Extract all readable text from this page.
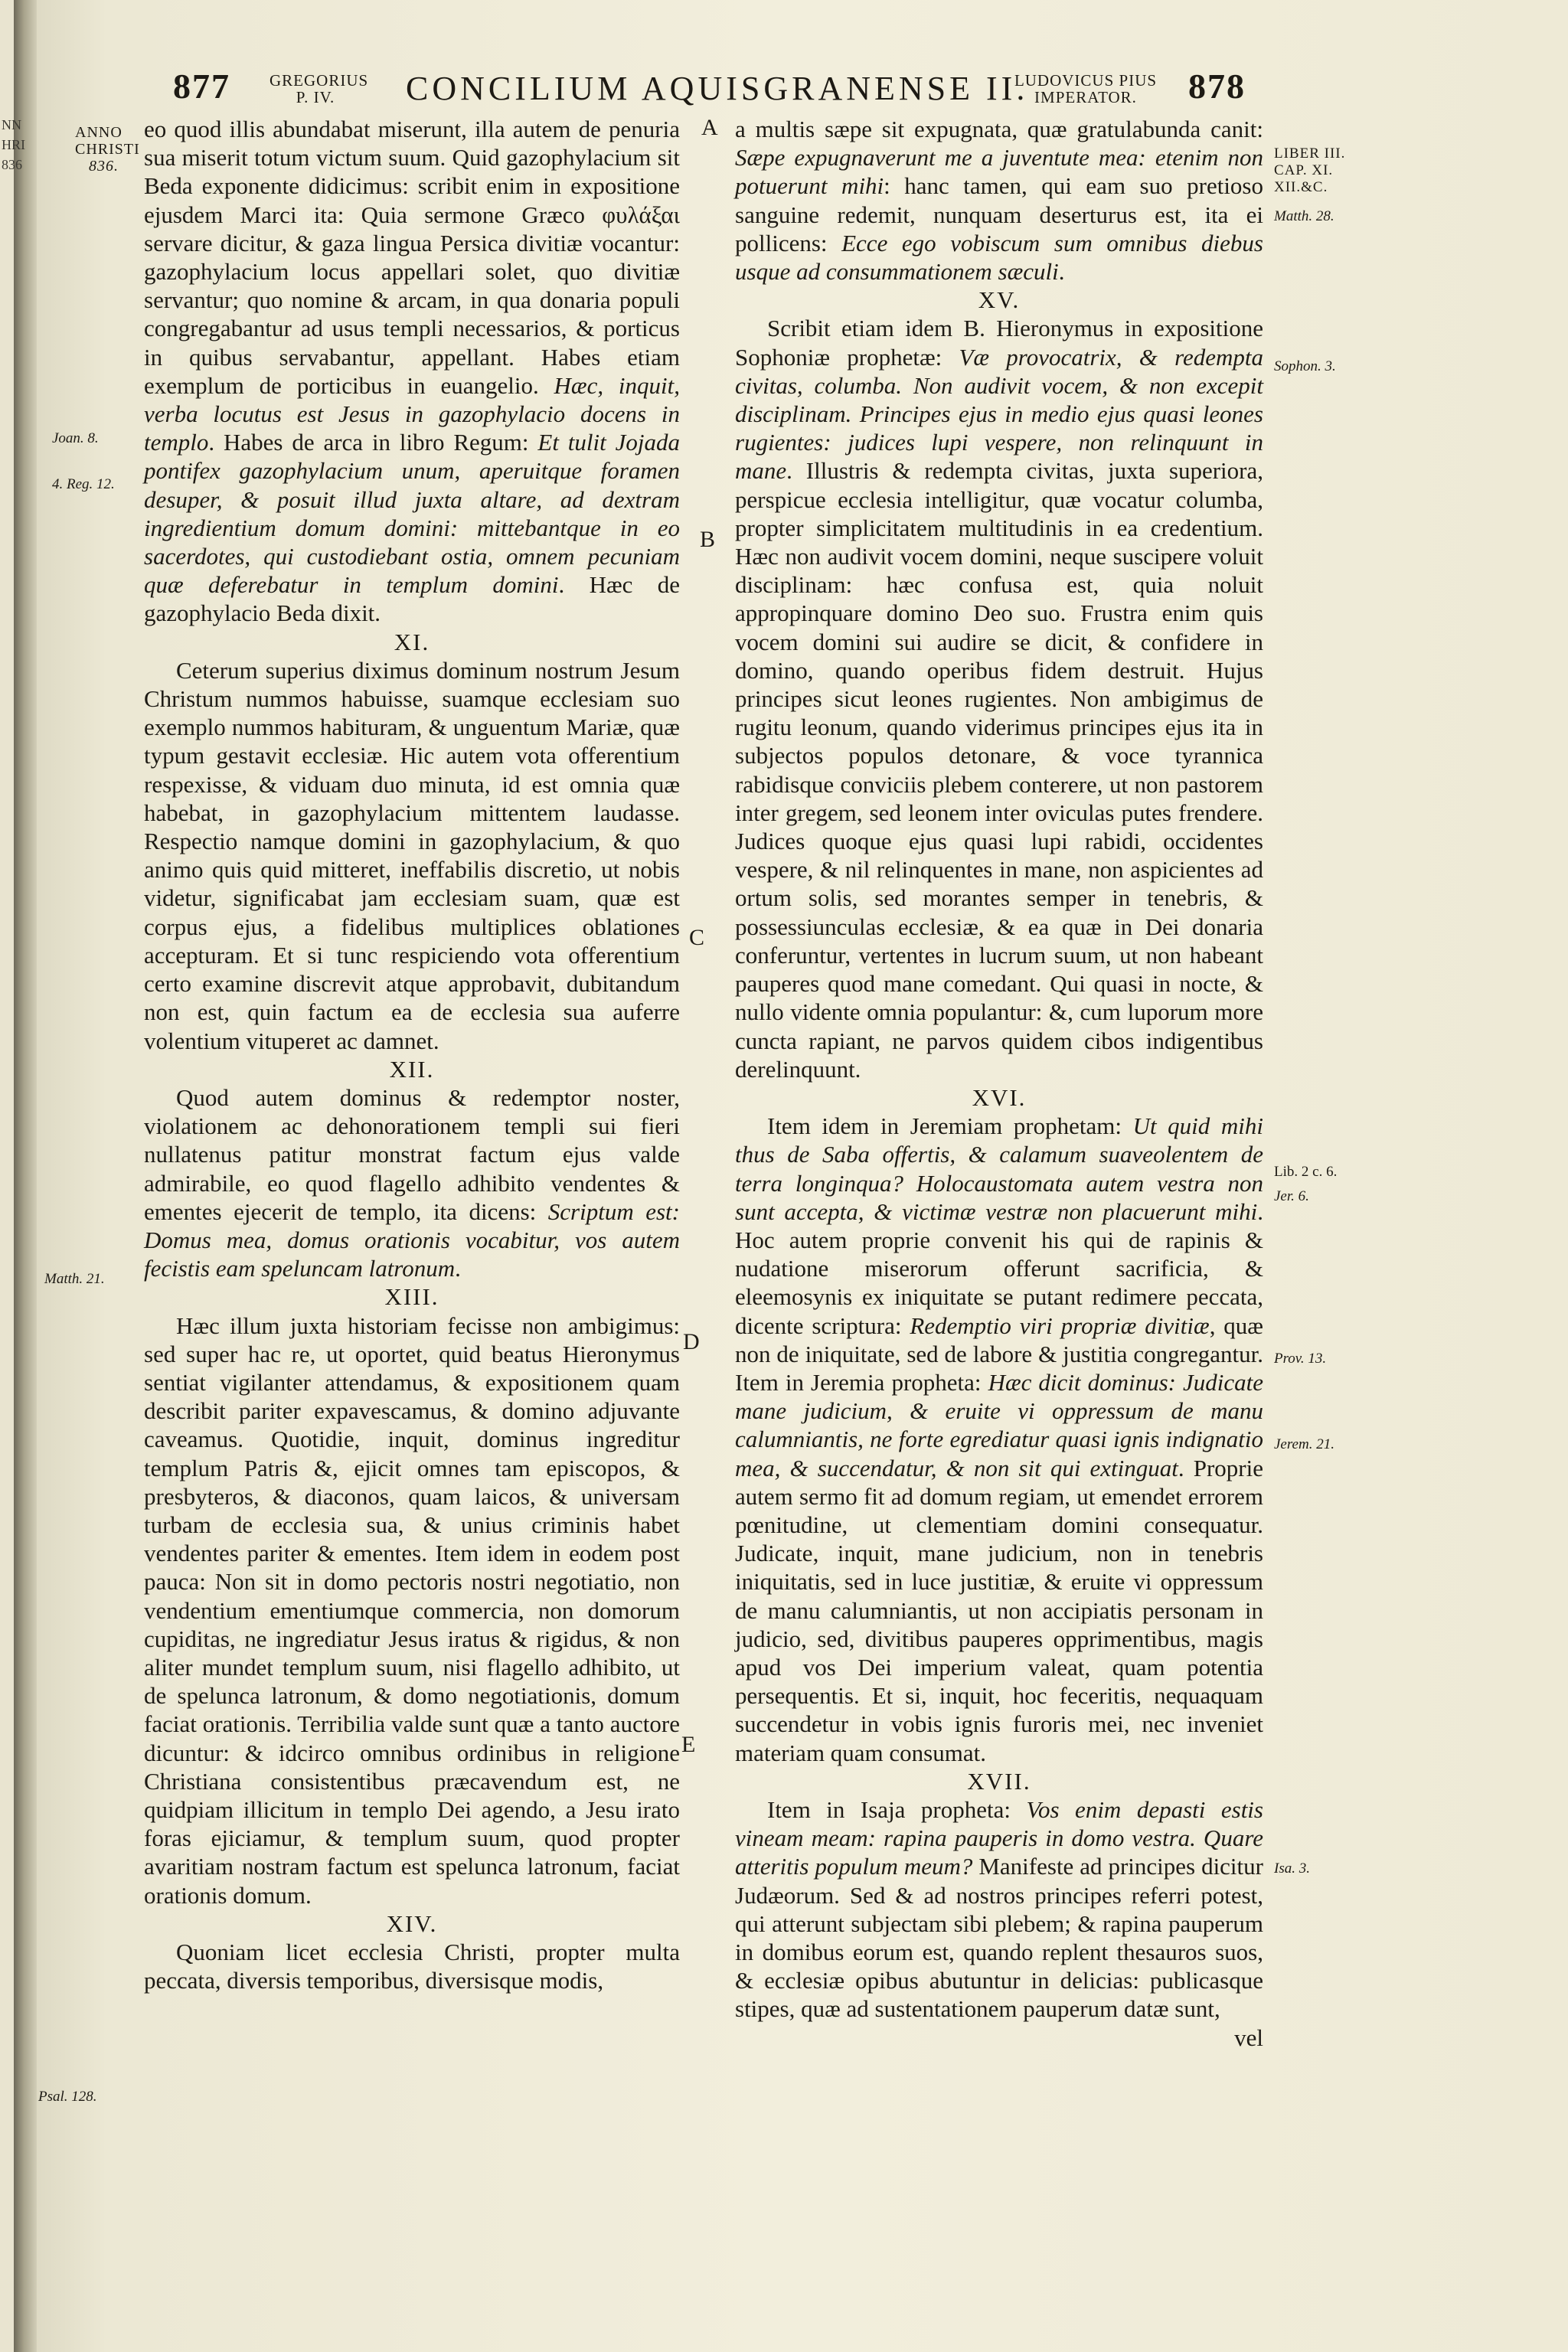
NN HRI 836
877 GREGORIUS
P. IV.	CONCILIUM AQUISGRANENSE II.
LUDOVICUS PIUS
IMPERATOR.	878
ANNO
CHRISTI
836.
Joan. 8.
4. Reg. 12.
Matth. 21.
Psal. 128.
LIBER III.
CAP. XI.
XII.&C.
Matth. 28.
Sophon. 3.
Lib. 2 c. 6.
Jer. 6.
Prov. 13.
Jerem. 21.
Isa. 3.
A
B
C
D
E

eo quod illis abundabat miserunt, illa autem de penuria sua miserit totum victum suum. Quid gazophylacium sit Beda exponente didicimus: scribit enim in expositione ejusdem Marci ita: Quia sermone Græco φυλάξαι servare dicitur, & gaza lingua Persica divitiæ vocantur: gazophylacium locus appellari solet, quo divitiæ servantur; quo nomine & arcam, in qua donaria populi congregabantur ad usus templi necessarios, & porticus in quibus servabantur, appellant. Habes etiam exemplum de porticibus in euangelio. Hæc, inquit, verba locutus est Jesus in gazophylacio docens in templo. Habes de arca in libro Regum: Et tulit Jojada pontifex gazophylacium unum, aperuitque foramen desuper, & posuit illud juxta altare, ad dextram ingredientium domum domini: mittebantque in eo sacerdotes, qui custodiebant ostia, omnem pecuniam quæ deferebatur in templum domini. Hæc de gazophylacio Beda dixit.

XI.

Ceterum superius diximus dominum nostrum Jesum Christum nummos habuisse, suamque ecclesiam suo exemplo nummos habituram, & unguentum Mariæ, quæ typum gestavit ecclesiæ. Hic autem vota offerentium respexisse, & viduam duo minuta, id est omnia quæ habebat, in gazophylacium mittentem laudasse. Respectio namque domini in gazophylacium, & quo animo quis quid mitteret, ineffabilis discretio, ut nobis videtur, significabat jam ecclesiam suam, quæ est corpus ejus, a fidelibus multiplices oblationes accepturam. Et si tunc respiciendo vota offerentium certo examine discrevit atque approbavit, dubitandum non est, quin factum ea de ecclesia sua auferre volentium vituperet ac damnet.

XII.

Quod autem dominus & redemptor noster, violationem ac dehonorationem templi sui fieri nullatenus patitur monstrat factum ejus valde admirabile, eo quod flagello adhibito vendentes & ementes ejecerit de templo, ita dicens: Scriptum est: Domus mea, domus orationis vocabitur, vos autem fecistis eam speluncam latronum.

XIII.

Hæc illum juxta historiam fecisse non ambigimus: sed super hac re, ut oportet, quid beatus Hieronymus sentiat vigilanter attendamus, & expositionem quam describit pariter expavescamus, & domino adjuvante caveamus. Quotidie, inquit, dominus ingreditur templum Patris &, ejicit omnes tam episcopos, & presbyteros, & diaconos, quam laicos, & universam turbam de ecclesia sua, & unius criminis habet vendentes pariter & ementes. Item idem in eodem post pauca: Non sit in domo pectoris nostri negotiatio, non vendentium ementiumque commercia, non domorum cupiditas, ne ingrediatur Jesus iratus & rigidus, & non aliter mundet templum suum, nisi flagello adhibito, ut de spelunca latronum, & domo negotiationis, domum faciat orationis. Terribilia valde sunt quæ a tanto auctore dicuntur: & idcirco omnibus ordinibus in religione Christiana consistentibus præcavendum est, ne quidpiam illicitum in templo Dei agendo, a Jesu irato foras ejiciamur, & templum suum, quod propter avaritiam nostram factum est spelunca latronum, faciat orationis domum.

XIV.

Quoniam licet ecclesia Christi, propter multa peccata, diversis temporibus, diversisque modis,

a multis sæpe sit expugnata, quæ gratulabunda canit: Sæpe expugnaverunt me a juventute mea: etenim non potuerunt mihi: hanc tamen, qui eam suo pretioso sanguine redemit, nunquam deserturus est, ita ei pollicens: Ecce ego vobiscum sum omnibus diebus usque ad consummationem sæculi.

XV.

Scribit etiam idem B. Hieronymus in expositione Sophoniæ prophetæ: Væ provocatrix, & redempta civitas, columba. Non audivit vocem, & non excepit disciplinam. Principes ejus in medio ejus quasi leones rugientes: judices lupi vespere, non relinquunt in mane. Illustris & redempta civitas, juxta superiora, perspicue ecclesia intelligitur, quæ vocatur columba, propter simplicitatem multitudinis in ea credentium. Hæc non audivit vocem domini, neque suscipere voluit disciplinam: hæc confusa est, quia noluit appropinquare domino Deo suo. Frustra enim quis vocem domini sui audire se dicit, & confidere in domino, quando operibus fidem destruit. Hujus principes sicut leones rugientes. Non ambigimus de rugitu leonum, quando viderimus principes ejus ita in subjectos populos detonare, & voce tyrannica rabidisque conviciis plebem conterere, ut non pastorem inter gregem, sed leonem inter oviculas putes frendere. Judices quoque ejus quasi lupi rabidi, occidentes vespere, & nil relinquentes in mane, non aspicientes ad ortum solis, sed morantes semper in tenebris, & possessiunculas ecclesiæ, & ea quæ in Dei donaria conferuntur, vertentes in lucrum suum, ut non habeant pauperes quod mane comedant. Qui quasi in nocte, & nullo vidente omnia populantur: &, cum luporum more cuncta rapiant, ne parvos quidem cibos indigentibus derelinquunt.

XVI.

Item idem in Jeremiam prophetam: Ut quid mihi thus de Saba offertis, & calamum suaveolentem de terra longinqua? Holocaustomata autem vestra non sunt accepta, & victimæ vestræ non placuerunt mihi. Hoc autem proprie convenit his qui de rapinis & nudatione miserorum offerunt sacrificia, & eleemosynis ex iniquitate se putant redimere peccata, dicente scriptura: Redemptio viri propriæ divitiæ, quæ non de iniquitate, sed de labore & justitia congregantur. Item in Jeremia propheta: Hæc dicit dominus: Judicate mane judicium, & eruite vi oppressum de manu calumniantis, ne forte egrediatur quasi ignis indignatio mea, & succendatur, & non sit qui extinguat. Proprie autem sermo fit ad domum regiam, ut emendet errorem pœnitudine, ut clementiam domini consequatur. Judicate, inquit, mane judicium, non in tenebris iniquitatis, sed in luce justitiæ, & eruite vi oppressum de manu calumniantis, ut non accipiatis personam in judicio, sed, divitibus pauperes opprimentibus, magis apud vos Dei imperium valeat, quam potentia persequentis. Et si, inquit, hoc feceritis, nequaquam succendetur in vobis ignis furoris mei, nec inveniet materiam quam consumat.

XVII.

Item in Isaja propheta: Vos enim depasti estis vineam meam: rapina pauperis in domo vestra. Quare atteritis populum meum? Manifeste ad principes dicitur Judæorum. Sed & ad nostros principes referri potest, qui atterunt subjectam sibi plebem; & rapina pauperum in domibus eorum est, quando replent thesauros suos, & ecclesiæ opibus abutuntur in delicias: publicasque stipes, quæ ad sustentationem pauperum datæ sunt,

vel
